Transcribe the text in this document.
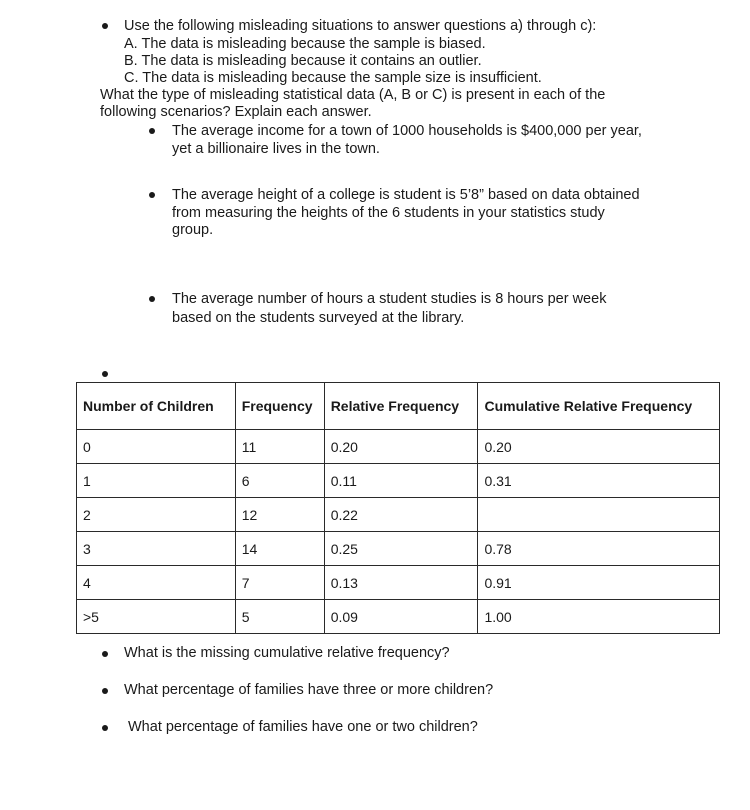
Use the following misleading situations to answer questions a) through c):
A. The data is misleading because the sample is biased.
B. The data is misleading because it contains an outlier.
C. The data is misleading because the sample size is insufficient.
What the type of misleading statistical data (A, B or C) is present in each of the
following scenarios? Explain each answer.
The average income for a town of 1000 households is $400,000 per year,
yet a billionaire lives in the town.
The average height of a college is student is 5’8” based on data obtained
from measuring the heights of the 6 students in your statistics study
group.
The average number of hours a student studies is 8 hours per week
based on the students surveyed at the library.
Number of Children	Frequency	Relative Frequency	Cumulative Relative Frequency
0	11	0.20	0.20
1	6	0.11	0.31
2	12	0.22	
3	14	0.25	0.78
4	7	0.13	0.91
>5	5	0.09	1.00
What is the missing cumulative relative frequency?
What percentage of families have three or more children?
What percentage of families have one or two children?
